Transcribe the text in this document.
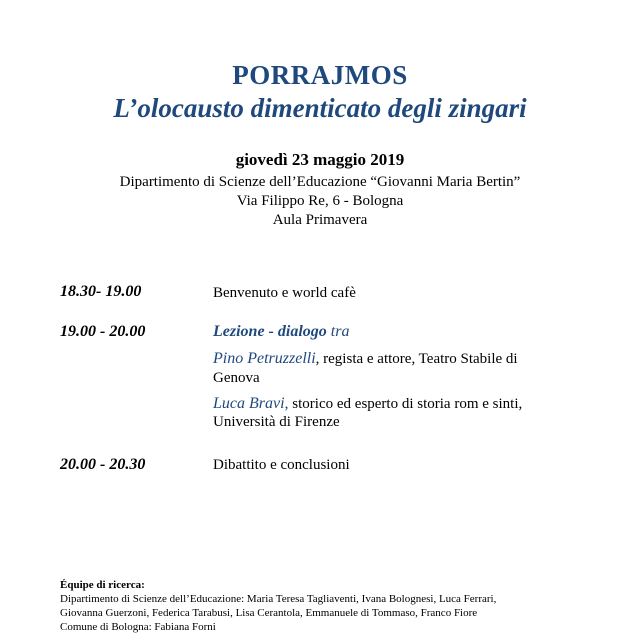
PORRAJMOS
L’olocausto dimenticato degli zingari
giovedì 23 maggio 2019
Dipartimento di Scienze dell’Educazione “Giovanni Maria Bertin”
Via Filippo Re, 6 - Bologna
Aula Primavera
18.30- 19.00	Benvenuto e world cafè
19.00 - 20.00	Lezione - dialogo tra
Pino Petruzzelli, regista e attore, Teatro Stabile di
Genova
Luca Bravi, storico ed esperto di storia rom e sinti,
Università di Firenze
20.00 - 20.30	Dibattito e conclusioni
Équipe di ricerca:
Dipartimento di Scienze dell’Educazione: Maria Teresa Tagliaventi, Ivana Bolognesi, Luca Ferrari,
Giovanna Guerzoni, Federica Tarabusi, Lisa Cerantola, Emmanuele di Tommaso, Franco Fiore
Comune di Bologna: Fabiana Forni
